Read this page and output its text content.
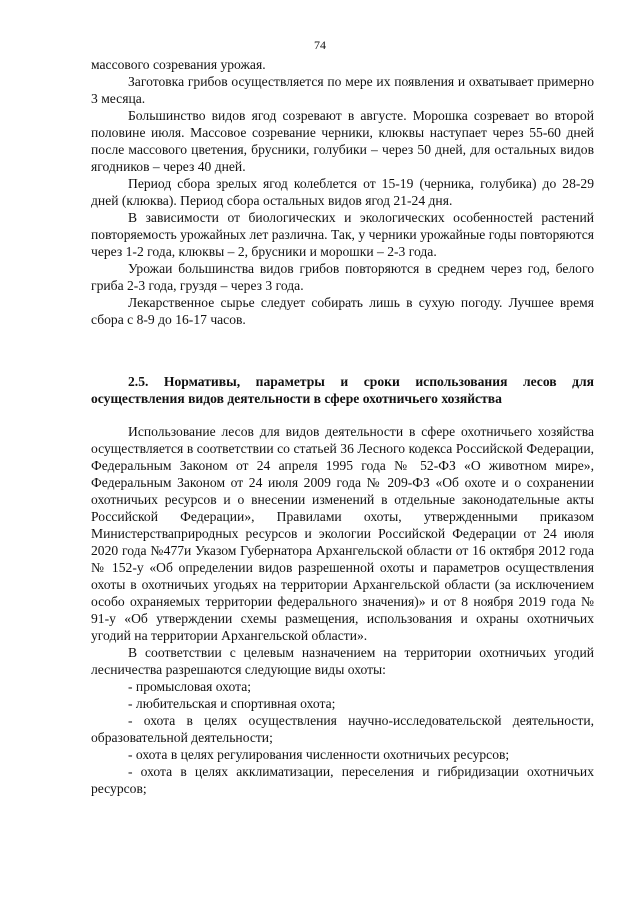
74

массового созревания урожая.

Заготовка грибов осуществляется по мере их появления и охватывает примерно 3 месяца.

Большинство видов ягод созревают в августе. Морошка созревает во второй половине июля. Массовое созревание черники, клюквы наступает через 55-60 дней после массового цветения, брусники, голубики – через 50 дней, для остальных видов ягодников – через 40 дней.

Период сбора зрелых ягод колеблется от 15-19 (черника, голубика) до 28-29 дней (клюква). Период сбора остальных видов ягод 21-24 дня.

В зависимости от биологических и экологических особенностей растений повторяемость урожайных лет различна. Так, у черники урожайные годы повторяются через 1-2 года, клюквы – 2, брусники и морошки – 2-3 года.

Урожаи большинства видов грибов повторяются в среднем через год, белого гриба 2-3 года, груздя – через 3 года.

Лекарственное сырье следует собирать лишь в сухую погоду. Лучшее время сбора с 8-9 до 16-17 часов.

2.5. Нормативы, параметры и сроки использования лесов для осуществления видов деятельности в сфере охотничьего хозяйства

Использование лесов для видов деятельности в сфере охотничьего хозяйства осуществляется в соответствии со статьей 36 Лесного кодекса Российской Федерации, Федеральным Законом от 24 апреля 1995 года № 52-ФЗ «О животном мире», Федеральным Законом от 24 июля 2009 года № 209-ФЗ «Об охоте и о сохранении охотничьих ресурсов и о внесении изменений в отдельные законодательные акты Российской Федерации», Правилами охоты, утвержденными приказом Министерстваприродных ресурсов и экологии Российской Федерации от 24 июля 2020 года №477и Указом Губернатора Архангельской области от 16 октября 2012 года № 152-у «Об определении видов разрешенной охоты и параметров осуществления охоты в охотничьих угодьях на территории Архангельской области (за исключением особо охраняемых территории федерального значения)» и от 8 ноября 2019 года № 91-у «Об утверждении схемы размещения, использования и охраны охотничьих угодий на территории Архангельской области».

В соответствии с целевым назначением на территории охотничьих угодий лесничества разрешаются следующие виды охоты:

- промысловая охота;

- любительская и спортивная охота;

- охота в целях осуществления научно-исследовательской деятельности, образовательной деятельности;

- охота в целях регулирования численности охотничьих ресурсов;

- охота в целях акклиматизации, переселения и гибридизации охотничьих ресурсов;
